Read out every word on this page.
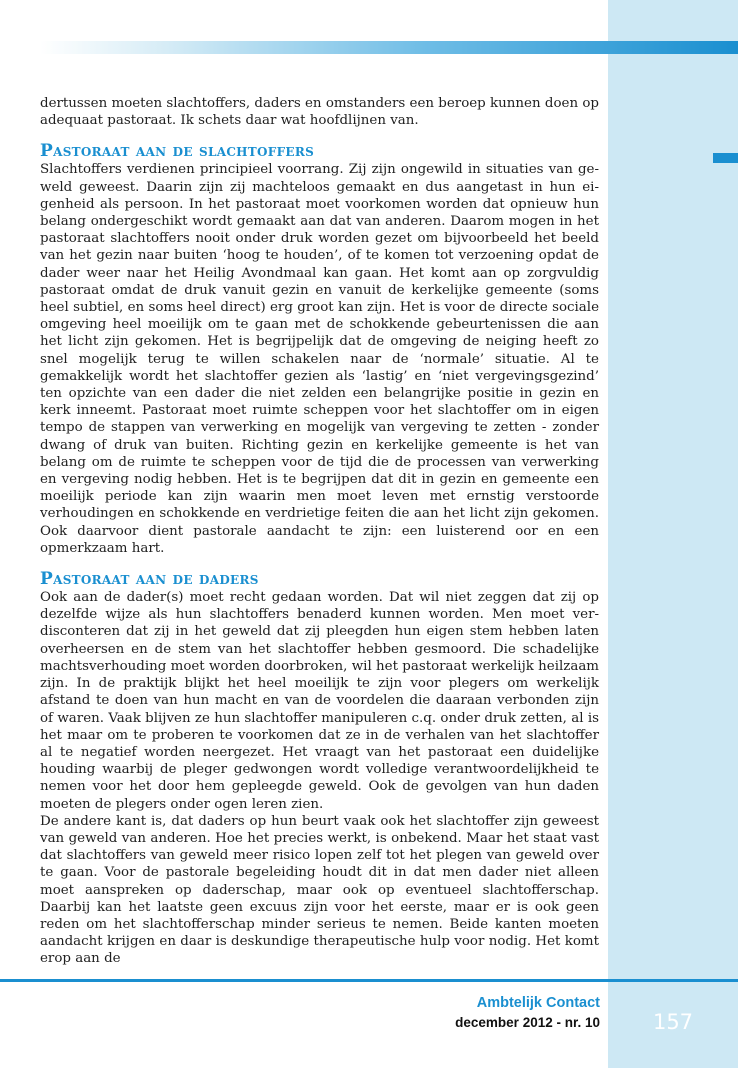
dertussen moeten slachtoffers, daders en omstanders een beroep kunnen doen op adequaat pastoraat. Ik schets daar wat hoofdlijnen van.

Pastoraat aan de slachtoffers

Slachtoffers verdienen principieel voorrang. Zij zijn ongewild in situaties van geweld geweest. Daarin zijn zij machteloos gemaakt en dus aangetast in hun eigenheid als persoon. In het pastoraat moet voorkomen worden dat opnieuw hun belang ondergeschikt wordt gemaakt aan dat van anderen. Daarom mogen in het pastoraat slachtoffers nooit onder druk worden gezet om bijvoorbeeld het beeld van het gezin naar buiten ‘hoog te houden’, of te komen tot verzoening opdat de dader weer naar het Heilig Avondmaal kan gaan. Het komt aan op zorgvuldig pastoraat omdat de druk vanuit gezin en vanuit de kerkelijke gemeente (soms heel subtiel, en soms heel direct) erg groot kan zijn. Het is voor de directe sociale omgeving heel moeilijk om te gaan met de schokkende gebeurtenissen die aan het licht zijn gekomen. Het is begrijpelijk dat de omgeving de neiging heeft zo snel mogelijk terug te willen schakelen naar de ‘normale’ situatie. Al te gemakkelijk wordt het slachtoffer gezien als ‘lastig’ en ‘niet vergevingsgezind’ ten opzichte van een dader die niet zelden een belangrijke positie in gezin en kerk inneemt. Pastoraat moet ruimte scheppen voor het slachtoffer om in eigen tempo de stappen van verwerking en mogelijk van vergeving te zetten - zonder dwang of druk van buiten. Richting gezin en kerkelijke gemeente is het van belang om de ruimte te scheppen voor de tijd die de processen van verwerking en vergeving nodig hebben. Het is te begrijpen dat dit in gezin en gemeente een moeilijk periode kan zijn waarin men moet leven met ernstig verstoorde verhoudingen en schokkende en verdrietige feiten die aan het licht zijn gekomen. Ook daarvoor dient pastorale aandacht te zijn: een luisterend oor en een opmerkzaam hart.

Pastoraat aan de daders

Ook aan de dader(s) moet recht gedaan worden. Dat wil niet zeggen dat zij op dezelfde wijze als hun slachtoffers benaderd kunnen worden. Men moet verdisconteren dat zij in het geweld dat zij pleegden hun eigen stem hebben laten overheersen en de stem van het slachtoffer hebben gesmoord. Die schadelijke machtsverhouding moet worden doorbroken, wil het pastoraat werkelijk heilzaam zijn. In de praktijk blijkt het heel moeilijk te zijn voor plegers om werkelijk afstand te doen van hun macht en van de voordelen die daaraan verbonden zijn of waren. Vaak blijven ze hun slachtoffer manipuleren c.q. onder druk zetten, al is het maar om te proberen te voorkomen dat ze in de verhalen van het slachtoffer al te negatief worden neergezet. Het vraagt van het pastoraat een duidelijke houding waarbij de pleger gedwongen wordt volledige verantwoordelijkheid te nemen voor het door hem gepleegde geweld. Ook de gevolgen van hun daden moeten de plegers onder ogen leren zien.

De andere kant is, dat daders op hun beurt vaak ook het slachtoffer zijn geweest van geweld van anderen. Hoe het precies werkt, is onbekend. Maar het staat vast dat slachtoffers van geweld meer risico lopen zelf tot het plegen van geweld over te gaan. Voor de pastorale begeleiding houdt dit in dat men dader niet alleen moet aanspreken op daderschap, maar ook op eventueel slachtofferschap. Daarbij kan het laatste geen excuus zijn voor het eerste, maar er is ook geen reden om het slachtofferschap minder serieus te nemen. Beide kanten moeten aandacht krijgen en daar is deskundige therapeutische hulp voor nodig. Het komt erop aan de

Ambtelijk Contact
december 2012 - nr. 10	157
